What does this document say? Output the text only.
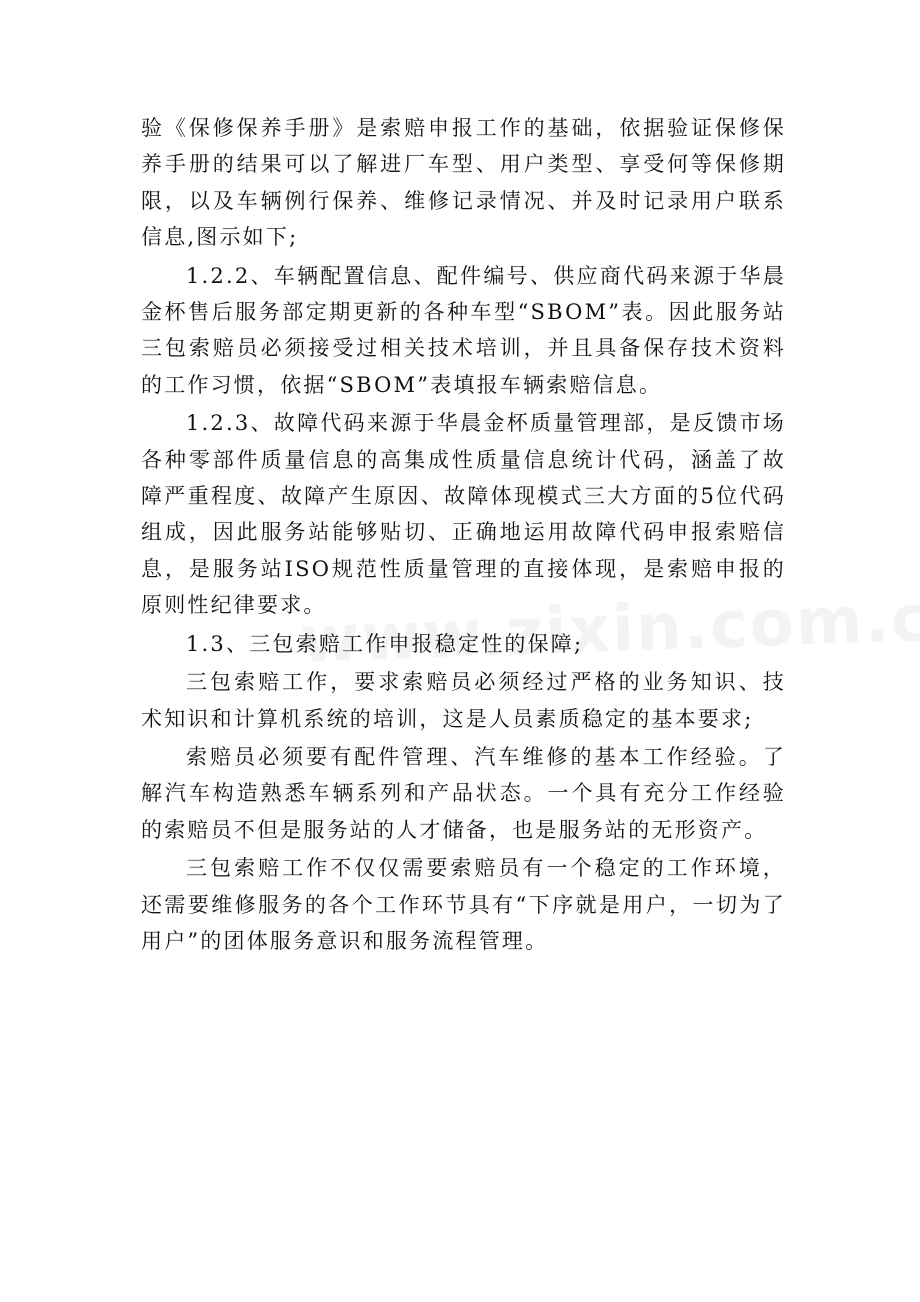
验《保修保养手册》是索赔申报工作的基础，依据验证保修保养手册的结果可以了解进厂车型、用户类型、享受何等保修期限，以及车辆例行保养、维修记录情况、并及时记录用户联系信息,图示如下;

1.2.2、车辆配置信息、配件编号、供应商代码来源于华晨金杯售后服务部定期更新的各种车型“SBOM”表。因此服务站三包索赔员必须接受过相关技术培训，并且具备保存技术资料的工作习惯，依据“SBOM”表填报车辆索赔信息。

1.2.3、故障代码来源于华晨金杯质量管理部，是反馈市场各种零部件质量信息的高集成性质量信息统计代码，涵盖了故障严重程度、故障产生原因、故障体现模式三大方面的5位代码组成，因此服务站能够贴切、正确地运用故障代码申报索赔信息，是服务站ISO规范性质量管理的直接体现，是索赔申报的原则性纪律要求。

1.3、三包索赔工作申报稳定性的保障;

三包索赔工作，要求索赔员必须经过严格的业务知识、技术知识和计算机系统的培训，这是人员素质稳定的基本要求;

索赔员必须要有配件管理、汽车维修的基本工作经验。了解汽车构造熟悉车辆系列和产品状态。一个具有充分工作经验的索赔员不但是服务站的人才储备，也是服务站的无形资产。

三包索赔工作不仅仅需要索赔员有一个稳定的工作环境，还需要维修服务的各个工作环节具有“下序就是用户，一切为了用户”的团体服务意识和服务流程管理。
